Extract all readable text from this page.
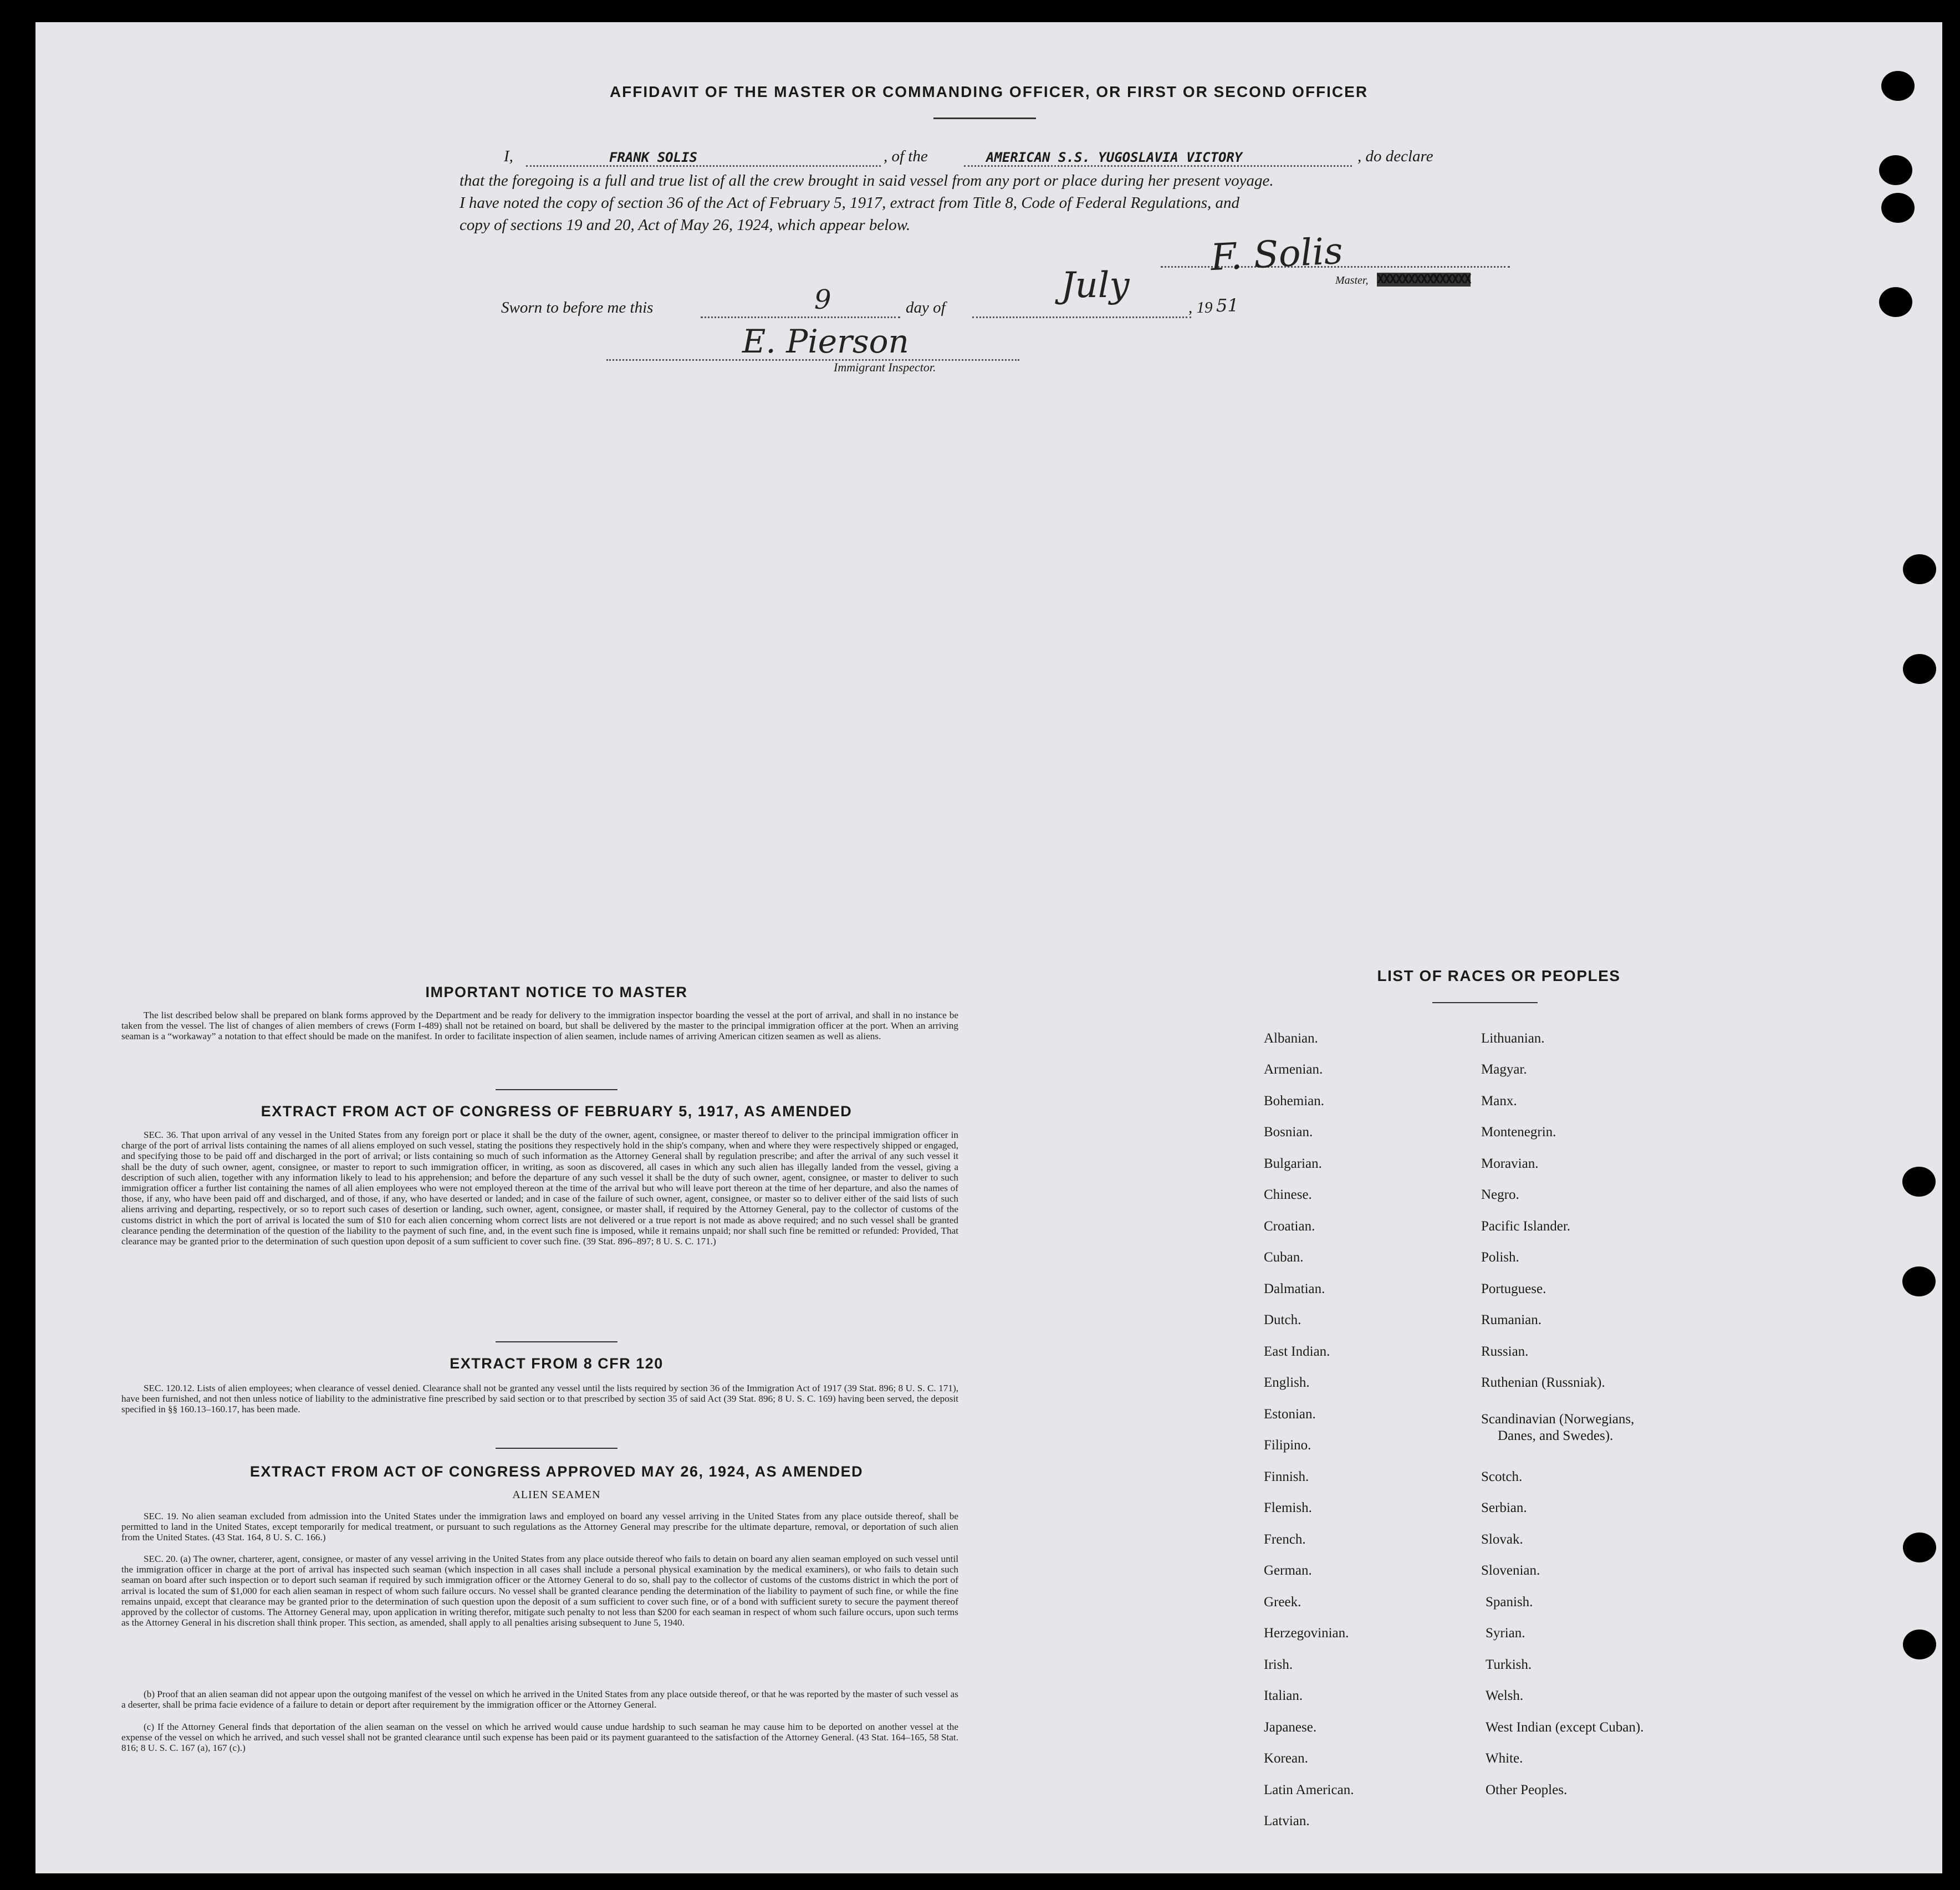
AFFIDAVIT OF THE MASTER OR COMMANDING OFFICER, OR FIRST OR SECOND OFFICER
I,	FRANK SOLIS	, of the	AMERICAN S.S. YUGOSLAVIA VICTORY	, do declare
that the foregoing is a full and true list of all the crew brought in said vessel from any port or place during her present voyage.
I have noted the copy of section 36 of the Act of February 5, 1917, extract from Title 8, Code of Federal Regulations, and
copy of sections 19 and 20, Act of May 26, 1924, which appear below.
F. Solis
Master, XXXXXXXXXXXXXXX
Sworn to before me this	9	day of
July
, 19 51
E. Pierson
Immigrant Inspector.
IMPORTANT NOTICE TO MASTER
The list described below shall be prepared on blank forms approved by the Department and be ready for delivery to the immigration inspector boarding the vessel at the port of arrival, and shall in no instance be taken from the vessel. The list of changes of alien members of crews (Form I-489) shall not be retained on board, but shall be delivered by the master to the principal immigration officer at the port. When an arriving seaman is a “workaway” a notation to that effect should be made on the manifest. In order to facilitate inspection of alien seamen, include names of arriving American citizen seamen as well as aliens.
EXTRACT FROM ACT OF CONGRESS OF FEBRUARY 5, 1917, AS AMENDED
SEC. 36. That upon arrival of any vessel in the United States from any foreign port or place it shall be the duty of the owner, agent, consignee, or master thereof to deliver to the principal immigration officer in charge of the port of arrival lists containing the names of all aliens employed on such vessel, stating the positions they respectively hold in the ship's company, when and where they were respectively shipped or engaged, and specifying those to be paid off and discharged in the port of arrival; or lists containing so much of such information as the Attorney General shall by regulation prescribe; and after the arrival of any such vessel it shall be the duty of such owner, agent, consignee, or master to report to such immigration officer, in writing, as soon as discovered, all cases in which any such alien has illegally landed from the vessel, giving a description of such alien, together with any information likely to lead to his apprehension; and before the departure of any such vessel it shall be the duty of such owner, agent, consignee, or master to deliver to such immigration officer a further list containing the names of all alien employees who were not employed thereon at the time of the arrival but who will leave port thereon at the time of her departure, and also the names of those, if any, who have been paid off and discharged, and of those, if any, who have deserted or landed; and in case of the failure of such owner, agent, consignee, or master so to deliver either of the said lists of such aliens arriving and departing, respectively, or so to report such cases of desertion or landing, such owner, agent, consignee, or master shall, if required by the Attorney General, pay to the collector of customs of the customs district in which the port of arrival is located the sum of $10 for each alien concerning whom correct lists are not delivered or a true report is not made as above required; and no such vessel shall be granted clearance pending the determination of the question of the liability to the payment of such fine, and, in the event such fine is imposed, while it remains unpaid; nor shall such fine be remitted or refunded: Provided, That clearance may be granted prior to the determination of such question upon deposit of a sum sufficient to cover such fine. (39 Stat. 896–897; 8 U. S. C. 171.)
EXTRACT FROM 8 CFR 120
SEC. 120.12. Lists of alien employees; when clearance of vessel denied. Clearance shall not be granted any vessel until the lists required by section 36 of the Immigration Act of 1917 (39 Stat. 896; 8 U. S. C. 171), have been furnished, and not then unless notice of liability to the administrative fine prescribed by said section or to that prescribed by section 35 of said Act (39 Stat. 896; 8 U. S. C. 169) having been served, the deposit specified in §§ 160.13–160.17, has been made.
EXTRACT FROM ACT OF CONGRESS APPROVED MAY 26, 1924, AS AMENDED
ALIEN SEAMEN
SEC. 19. No alien seaman excluded from admission into the United States under the immigration laws and employed on board any vessel arriving in the United States from any place outside thereof, shall be permitted to land in the United States, except temporarily for medical treatment, or pursuant to such regulations as the Attorney General may prescribe for the ultimate departure, removal, or deportation of such alien from the United States. (43 Stat. 164, 8 U. S. C. 166.)
SEC. 20. (a) The owner, charterer, agent, consignee, or master of any vessel arriving in the United States from any place outside thereof who fails to detain on board any alien seaman employed on such vessel until the immigration officer in charge at the port of arrival has inspected such seaman (which inspection in all cases shall include a personal physical examination by the medical examiners), or who fails to detain such seaman on board after such inspection or to deport such seaman if required by such immigration officer or the Attorney General to do so, shall pay to the collector of customs of the customs district in which the port of arrival is located the sum of $1,000 for each alien seaman in respect of whom such failure occurs. No vessel shall be granted clearance pending the determination of the liability to payment of such fine, or while the fine remains unpaid, except that clearance may be granted prior to the determination of such question upon the deposit of a sum sufficient to cover such fine, or of a bond with sufficient surety to secure the payment thereof approved by the collector of customs. The Attorney General may, upon application in writing therefor, mitigate such penalty to not less than $200 for each seaman in respect of whom such failure occurs, upon such terms as the Attorney General in his discretion shall think proper. This section, as amended, shall apply to all penalties arising subsequent to June 5, 1940.
(b) Proof that an alien seaman did not appear upon the outgoing manifest of the vessel on which he arrived in the United States from any place outside thereof, or that he was reported by the master of such vessel as a deserter, shall be prima facie evidence of a failure to detain or deport after requirement by the immigration officer or the Attorney General.
(c) If the Attorney General finds that deportation of the alien seaman on the vessel on which he arrived would cause undue hardship to such seaman he may cause him to be deported on another vessel at the expense of the vessel on which he arrived, and such vessel shall not be granted clearance until such expense has been paid or its payment guaranteed to the satisfaction of the Attorney General. (43 Stat. 164–165, 58 Stat. 816; 8 U. S. C. 167 (a), 167 (c).)
LIST OF RACES OR PEOPLES
Albanian.
Armenian.
Bohemian.
Bosnian.
Bulgarian.
Chinese.
Croatian.
Cuban.
Dalmatian.
Dutch.
East Indian.
English.
Estonian.
Filipino.
Finnish.
Flemish.
French.
German.
Greek.
Herzegovinian.
Irish.
Italian.
Japanese.
Korean.
Latin American.
Latvian.
Lithuanian.
Magyar.
Manx.
Montenegrin.
Moravian.
Negro.
Pacific Islander.
Polish.
Portuguese.
Rumanian.
Russian.
Ruthenian (Russniak).
Scandinavian (Norwegians,
Danes, and Swedes).
Scotch.
Serbian.
Slovak.
Slovenian.
Spanish.
Syrian.
Turkish.
Welsh.
West Indian (except Cuban).
White.
Other Peoples.
